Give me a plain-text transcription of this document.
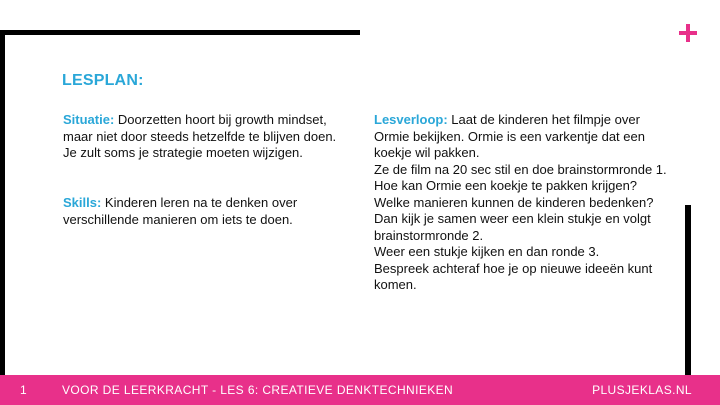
LESPLAN:
Situatie: Doorzetten hoort bij growth mindset, maar niet door steeds hetzelfde te blijven doen. Je zult soms je strategie moeten wijzigen.
Skills: Kinderen leren na te denken over verschillende manieren om iets te doen.
Lesverloop: Laat de kinderen het filmpje over Ormie bekijken. Ormie is een varkentje dat een koekje wil pakken.
Ze de film na 20 sec stil en doe brainstormronde 1. Hoe kan Ormie een koekje te pakken krijgen? Welke manieren kunnen de kinderen bedenken?
Dan kijk je samen weer een klein stukje en volgt brainstormronde 2.
Weer een stukje kijken en dan ronde 3.
Bespreek achteraf hoe je op nieuwe ideeën kunt komen.
1	VOOR DE LEERKRACHT - LES 6: CREATIEVE DENKTECHNIEKEN	PLUSJEKLAS.NL
